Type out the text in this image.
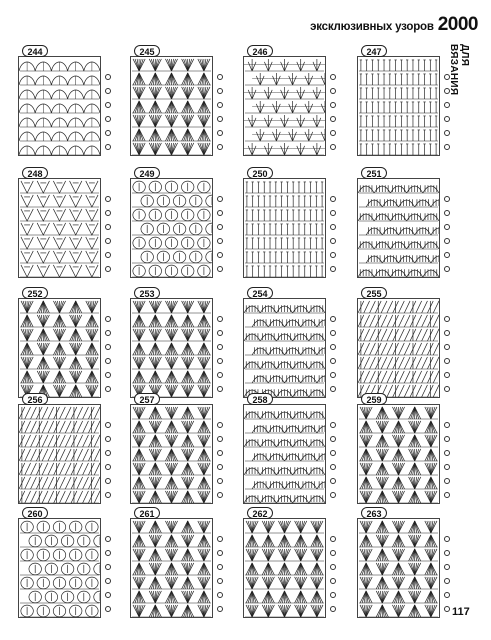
эксклюзивных узоров 2000
ДЛЯ ВЯЗАНИЯ
244	245	246	247
248	249	250	251
252	253	254	255
256	257	258	259
260	261	262	263
117
